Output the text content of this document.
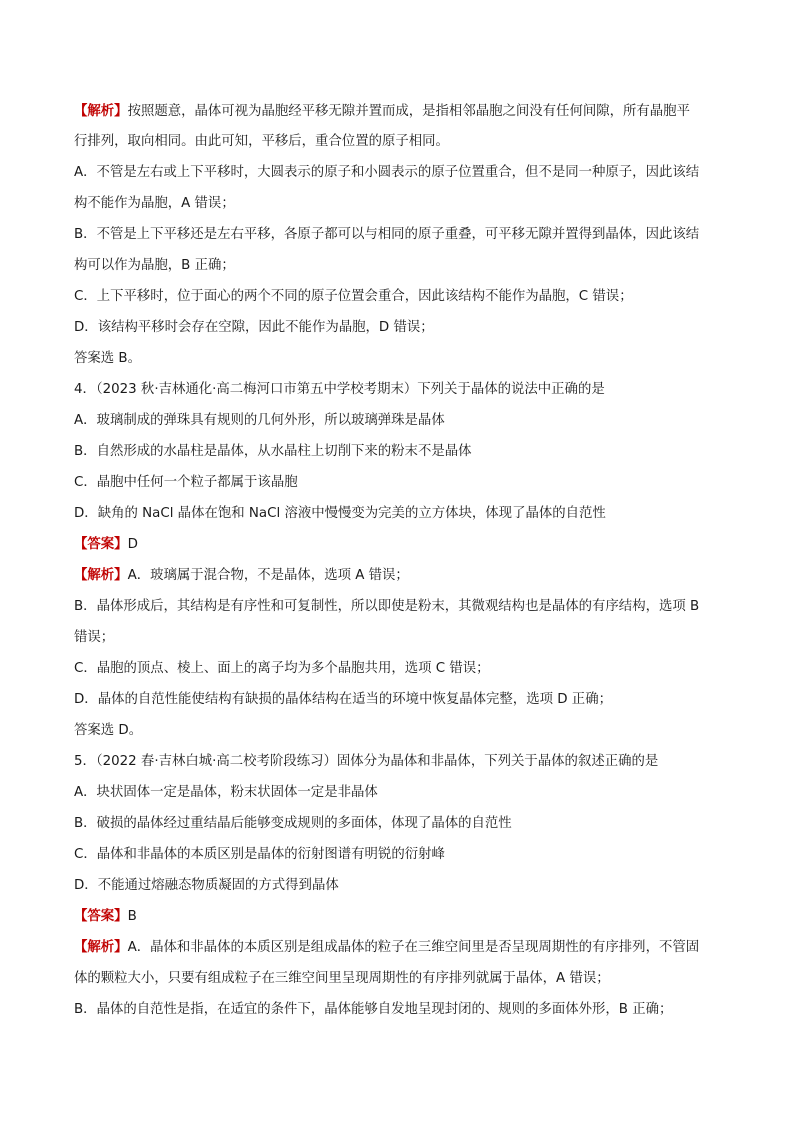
【解析】按照题意，晶体可视为晶胞经平移无隙并置而成，是指相邻晶胞之间没有任何间隙，所有晶胞平
行排列，取向相同。由此可知，平移后，重合位置的原子相同。
A．不管是左右或上下平移时，大圆表示的原子和小圆表示的原子位置重合，但不是同一种原子，因此该结
构不能作为晶胞，A 错误；
B．不管是上下平移还是左右平移，各原子都可以与相同的原子重叠，可平移无隙并置得到晶体，因此该结
构可以作为晶胞，B 正确；
C．上下平移时，位于面心的两个不同的原子位置会重合，因此该结构不能作为晶胞，C 错误；
D．该结构平移时会存在空隙，因此不能作为晶胞，D 错误；
答案选 B。
4．（2023 秋·吉林通化·高二梅河口市第五中学校考期末）下列关于晶体的说法中正确的是
A．玻璃制成的弹珠具有规则的几何外形，所以玻璃弹珠是晶体
B．自然形成的水晶柱是晶体，从水晶柱上切削下来的粉末不是晶体
C．晶胞中任何一个粒子都属于该晶胞
D．缺角的 NaCl 晶体在饱和 NaCl 溶液中慢慢变为完美的立方体块，体现了晶体的自范性
【答案】D
【解析】A．玻璃属于混合物，不是晶体，选项 A 错误；
B．晶体形成后，其结构是有序性和可复制性，所以即使是粉末，其微观结构也是晶体的有序结构，选项 B
错误；
C．晶胞的顶点、棱上、面上的离子均为多个晶胞共用，选项 C 错误；
D．晶体的自范性能使结构有缺损的晶体结构在适当的环境中恢复晶体完整，选项 D 正确；
答案选 D。
5．（2022 春·吉林白城·高二校考阶段练习）固体分为晶体和非晶体，下列关于晶体的叙述正确的是
A．块状固体一定是晶体，粉末状固体一定是非晶体
B．破损的晶体经过重结晶后能够变成规则的多面体，体现了晶体的自范性
C．晶体和非晶体的本质区别是晶体的衍射图谱有明锐的衍射峰
D．不能通过熔融态物质凝固的方式得到晶体
【答案】B
【解析】A．晶体和非晶体的本质区别是组成晶体的粒子在三维空间里是否呈现周期性的有序排列，不管固
体的颗粒大小，只要有组成粒子在三维空间里呈现周期性的有序排列就属于晶体，A 错误；
B．晶体的自范性是指，在适宜的条件下，晶体能够自发地呈现封闭的、规则的多面体外形，B 正确；
